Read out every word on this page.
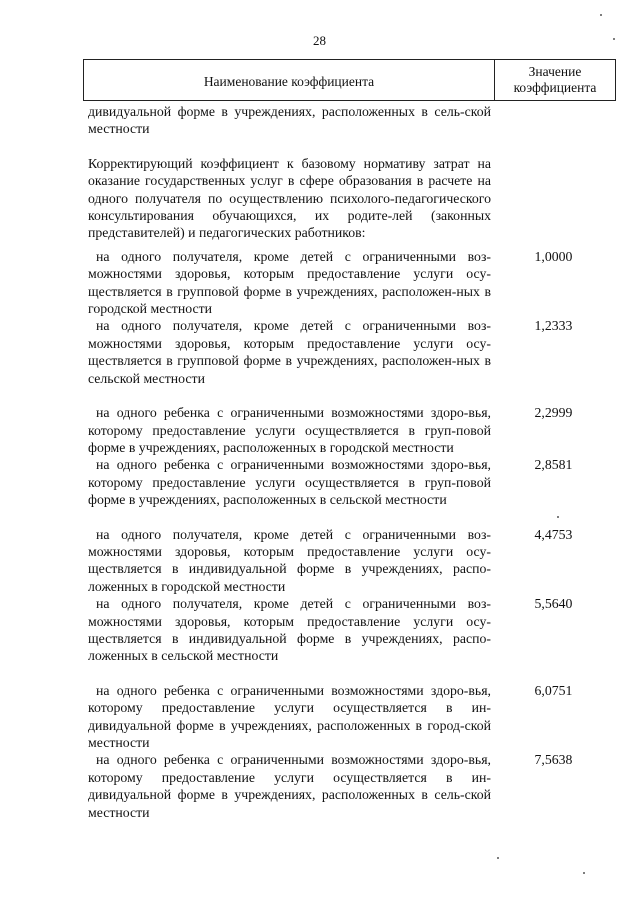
28
Наименование коэффициента
Значение
коэффициента
дивидуальной форме в учреждениях, расположенных в сель-ской местности
Корректирующий коэффициент к базовому нормативу затрат на оказание государственных услуг в сфере образования в расчете на одного получателя по осуществлению психолого-педагогического консультирования обучающихся, их родите-лей (законных представителей) и педагогических работников:
на одного получателя, кроме детей с ограниченными воз-можностями здоровья, которым предоставление услуги осу-ществляется в групповой форме в учреждениях, расположен-ных в городской местности
1,0000
на одного получателя, кроме детей с ограниченными воз-можностями здоровья, которым предоставление услуги осу-ществляется в групповой форме в учреждениях, расположен-ных в сельской местности
1,2333
на одного ребенка с ограниченными возможностями здоро-вья, которому предоставление услуги осуществляется в груп-повой форме в учреждениях, расположенных в городской местности
2,2999
на одного ребенка с ограниченными возможностями здоро-вья, которому предоставление услуги осуществляется в груп-повой форме в учреждениях, расположенных в сельской местности
2,8581
на одного получателя, кроме детей с ограниченными воз-можностями здоровья, которым предоставление услуги осу-ществляется в индивидуальной форме в учреждениях, распо-ложенных в городской местности
4,4753
на одного получателя, кроме детей с ограниченными воз-можностями здоровья, которым предоставление услуги осу-ществляется в индивидуальной форме в учреждениях, распо-ложенных в сельской местности
5,5640
на одного ребенка с ограниченными возможностями здоро-вья, которому предоставление услуги осуществляется в ин-дивидуальной форме в учреждениях, расположенных в город-ской местности
6,0751
на одного ребенка с ограниченными возможностями здоро-вья, которому предоставление услуги осуществляется в ин-дивидуальной форме в учреждениях, расположенных в сель-ской местности
7,5638
